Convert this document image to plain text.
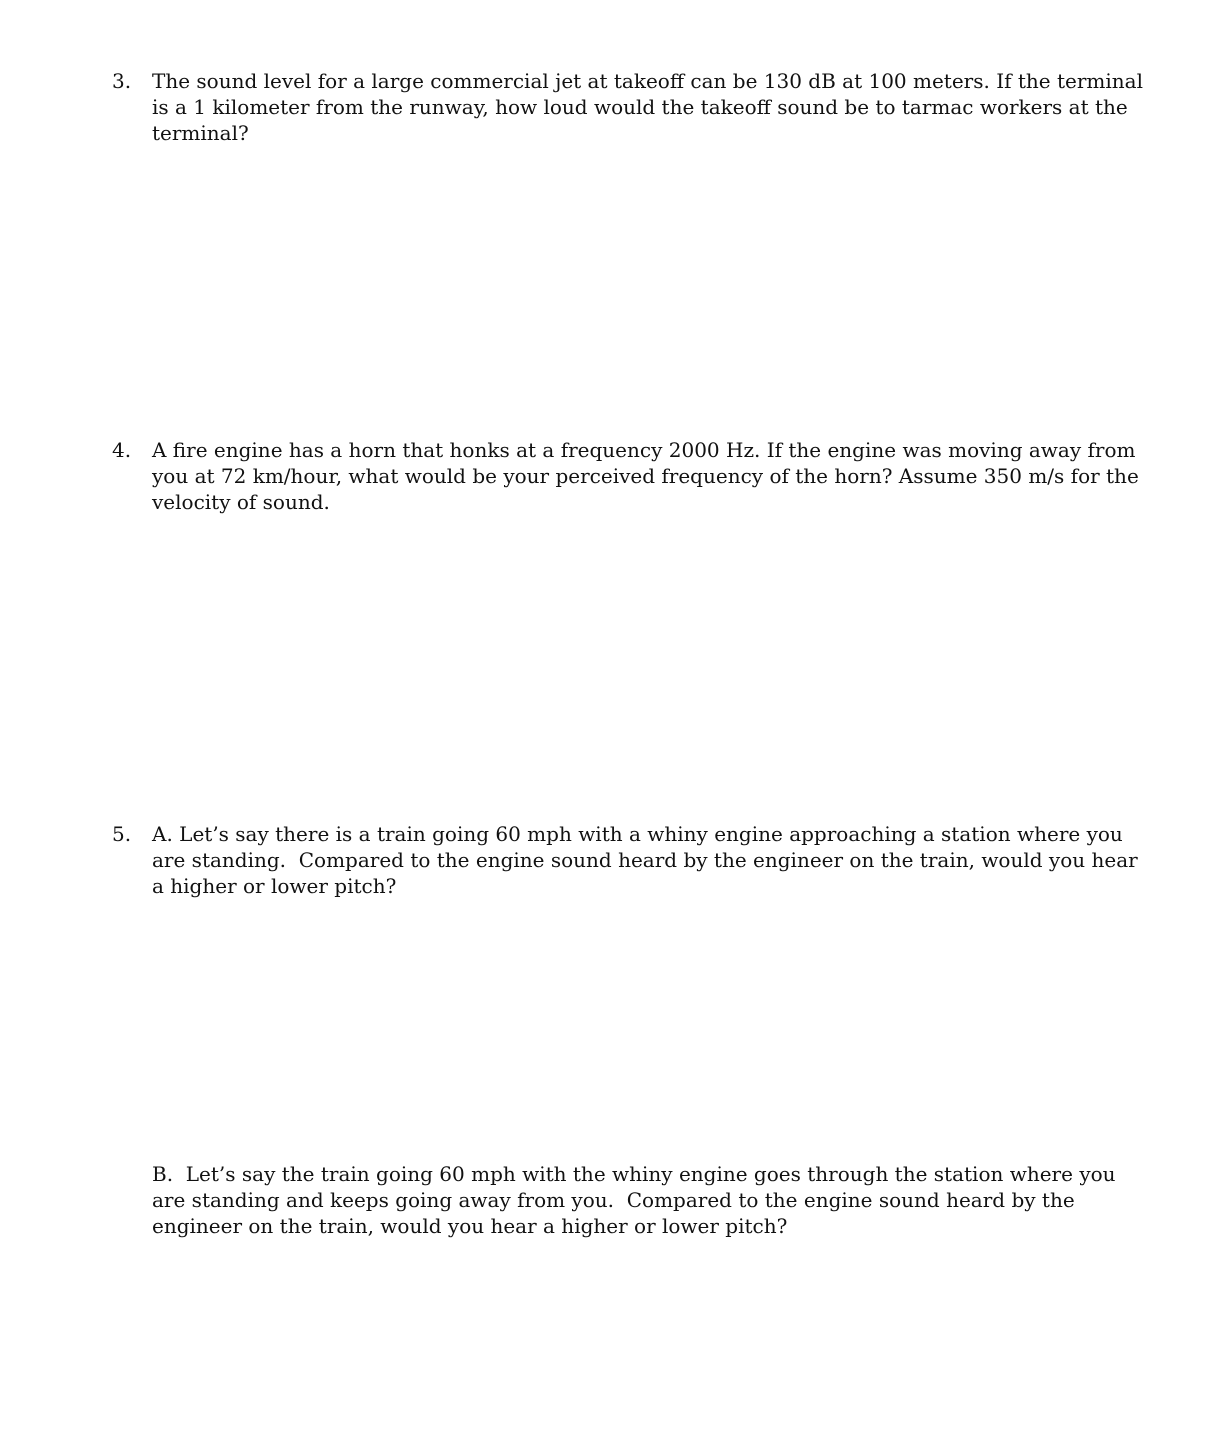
3.	The sound level for a large commercial jet at takeoff can be 130 dB at 100 meters. If the terminal is a 1 kilometer from the runway, how loud would the takeoff sound be to tarmac workers at the terminal?
4.	A fire engine has a horn that honks at a frequency 2000 Hz. If the engine was moving away from you at 72 km/hour, what would be your perceived frequency of the horn? Assume 350 m/s for the velocity of sound.
5.	A. Let’s say there is a train going 60 mph with a whiny engine approaching a station where you are standing.  Compared to the engine sound heard by the engineer on the train, would you hear a higher or lower pitch?
B.  Let’s say the train going 60 mph with the whiny engine goes through the station where you are standing and keeps going away from you.  Compared to the engine sound heard by the engineer on the train, would you hear a higher or lower pitch?
